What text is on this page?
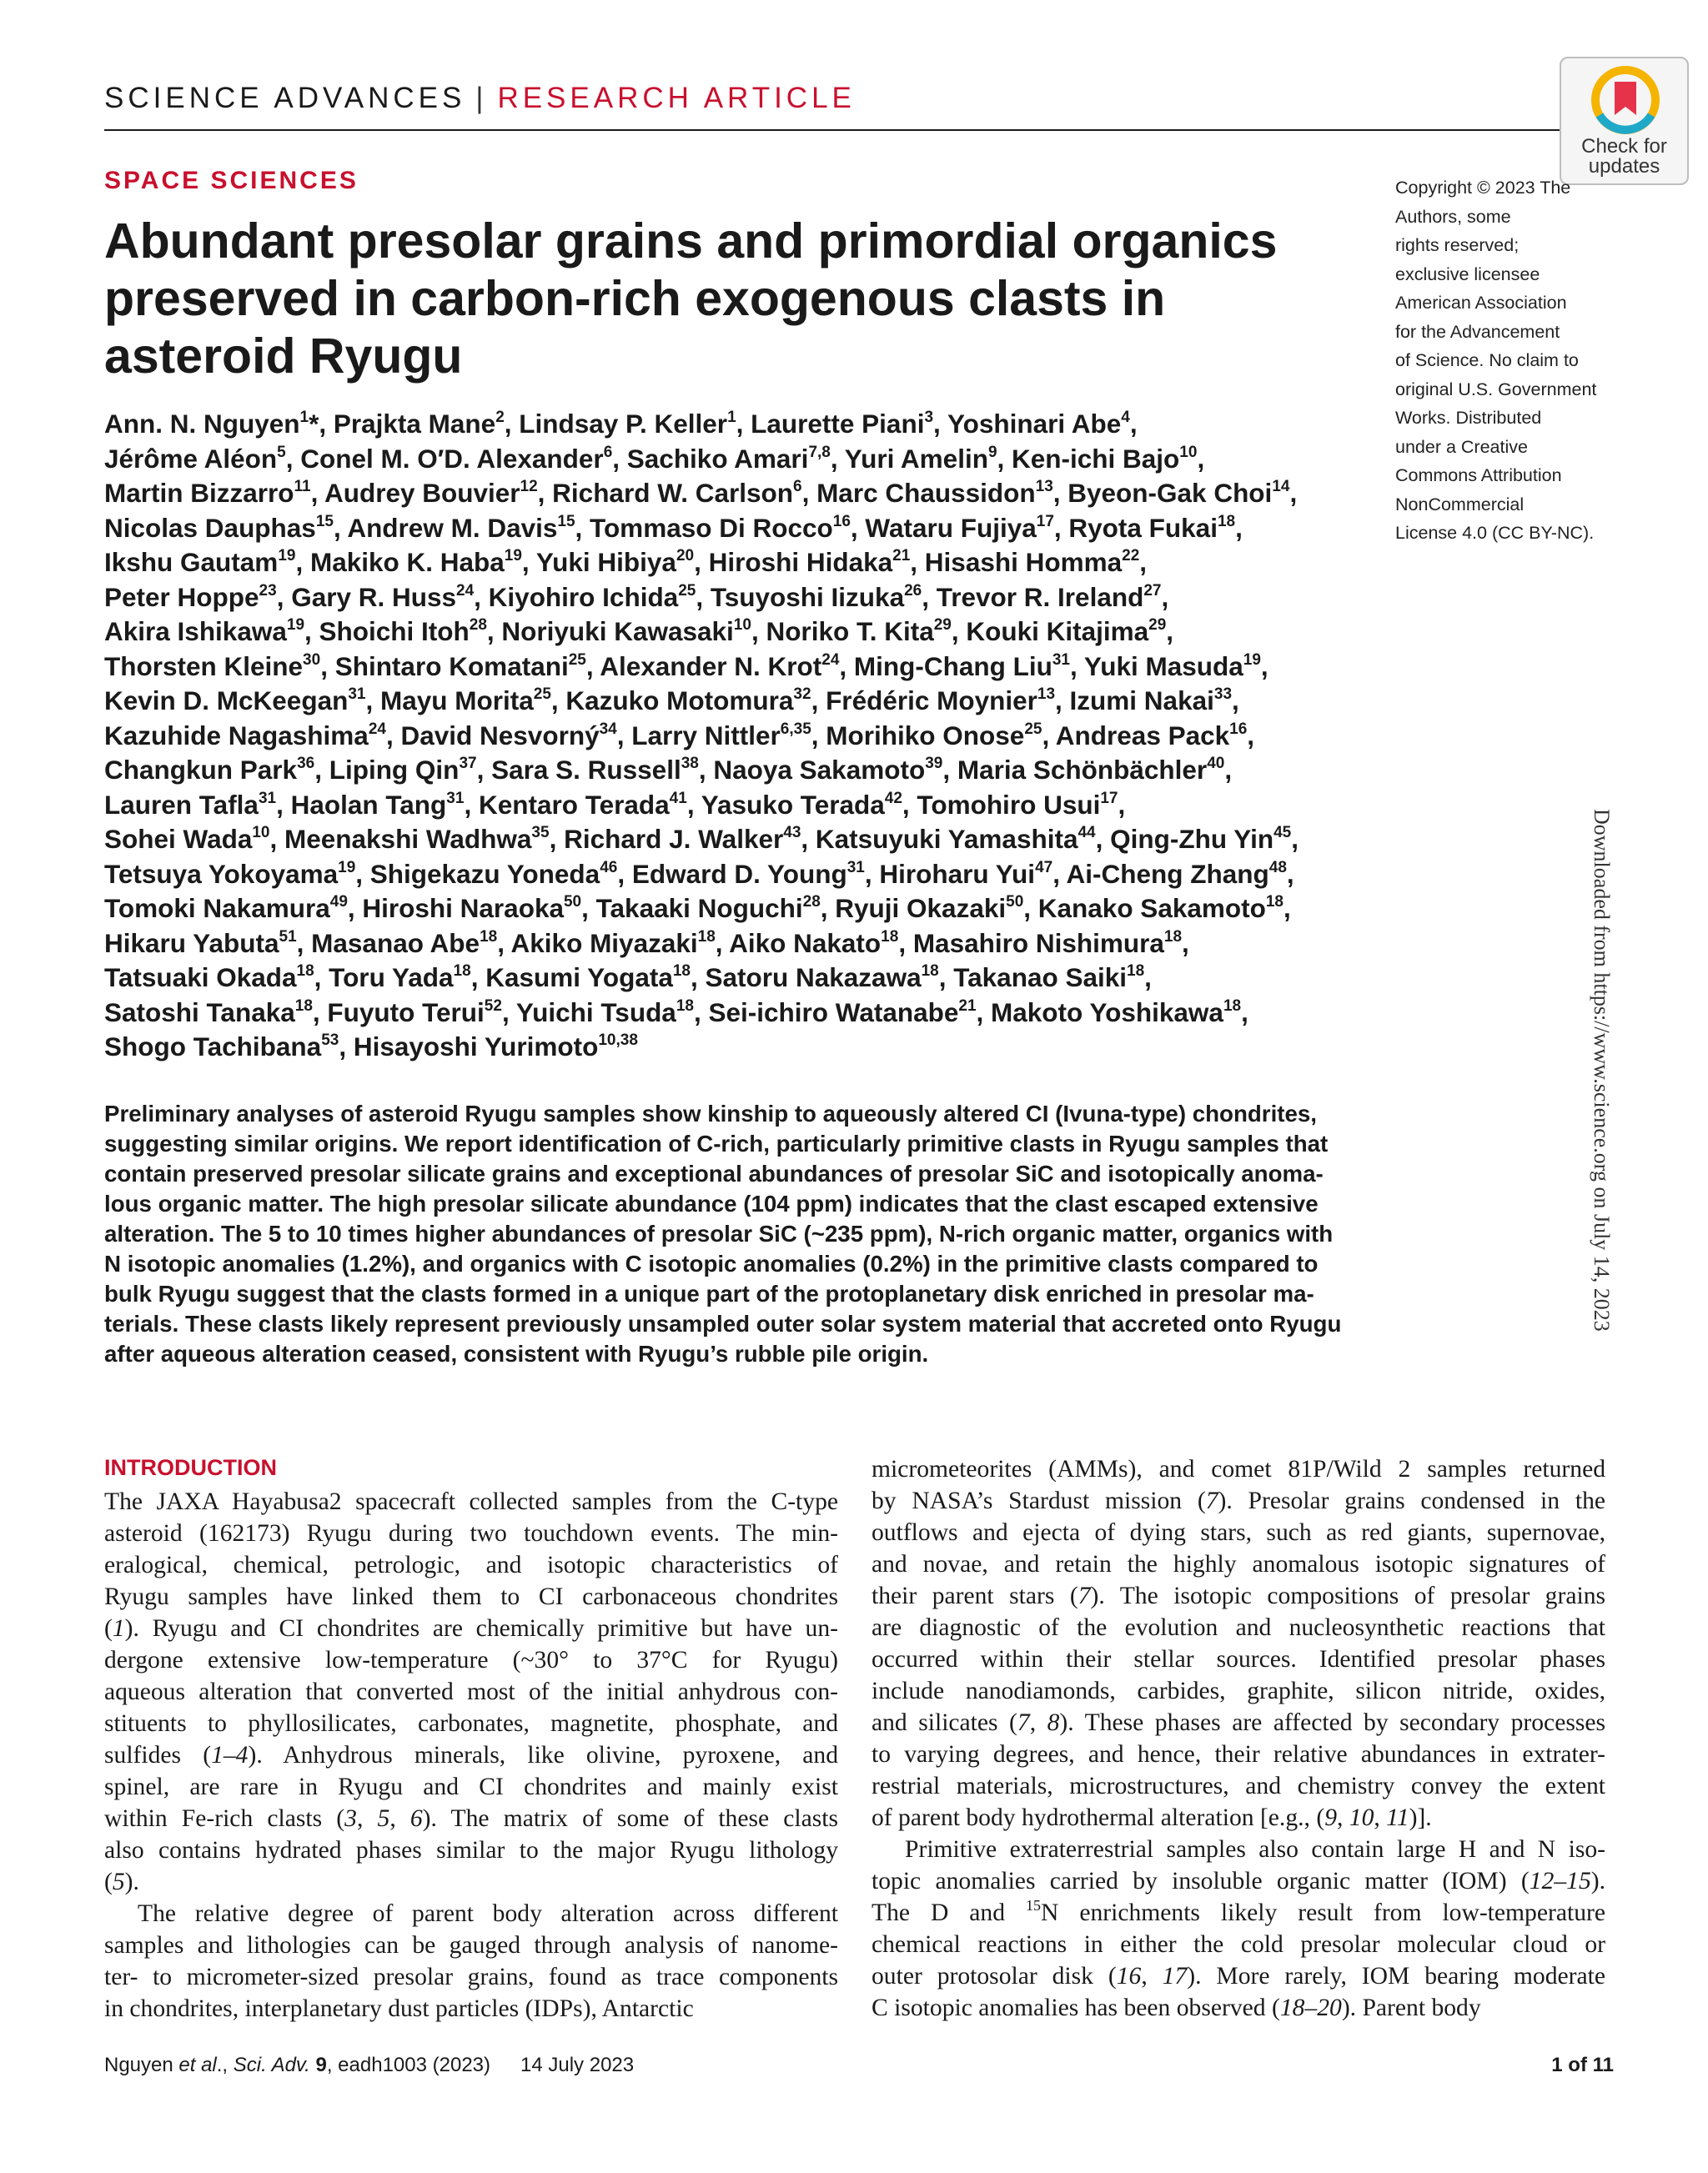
SCIENCE ADVANCES | RESEARCH ARTICLE
Check for
updates
SPACE SCIENCES
Abundant presolar grains and primordial organics preserved in carbon-rich exogenous clasts in asteroid Ryugu
Copyright © 2023 The
Authors, some
rights reserved;
exclusive licensee
American Association
for the Advancement
of Science. No claim to
original U.S. Government
Works. Distributed
under a Creative
Commons Attribution
NonCommercial
License 4.0 (CC BY-NC).
Ann. N. Nguyen$^1$*, Prajkta Mane$^2$, Lindsay P. Keller$^1$, Laurette Piani$^3$, Yoshinari Abe$^4$,
Jérôme Aléon$^5$, Conel M. O′D. Alexander$^6$, Sachiko Amari$^{7,8}$, Yuri Amelin$^9$, Ken-ichi Bajo$^{10}$,
Martin Bizzarro$^{11}$, Audrey Bouvier$^{12}$, Richard W. Carlson$^6$, Marc Chaussidon$^{13}$, Byeon-Gak Choi$^{14}$,
Nicolas Dauphas$^{15}$, Andrew M. Davis$^{15}$, Tommaso Di Rocco$^{16}$, Wataru Fujiya$^{17}$, Ryota Fukai$^{18}$,
Ikshu Gautam$^{19}$, Makiko K. Haba$^{19}$, Yuki Hibiya$^{20}$, Hiroshi Hidaka$^{21}$, Hisashi Homma$^{22}$,
Peter Hoppe$^{23}$, Gary R. Huss$^{24}$, Kiyohiro Ichida$^{25}$, Tsuyoshi Iizuka$^{26}$, Trevor R. Ireland$^{27}$,
Akira Ishikawa$^{19}$, Shoichi Itoh$^{28}$, Noriyuki Kawasaki$^{10}$, Noriko T. Kita$^{29}$, Kouki Kitajima$^{29}$,
Thorsten Kleine$^{30}$, Shintaro Komatani$^{25}$, Alexander N. Krot$^{24}$, Ming-Chang Liu$^{31}$, Yuki Masuda$^{19}$,
Kevin D. McKeegan$^{31}$, Mayu Morita$^{25}$, Kazuko Motomura$^{32}$, Frédéric Moynier$^{13}$, Izumi Nakai$^{33}$,
Kazuhide Nagashima$^{24}$, David Nesvorný$^{34}$, Larry Nittler$^{6,35}$, Morihiko Onose$^{25}$, Andreas Pack$^{16}$,
Changkun Park$^{36}$, Liping Qin$^{37}$, Sara S. Russell$^{38}$, Naoya Sakamoto$^{39}$, Maria Schönbächler$^{40}$,
Lauren Tafla$^{31}$, Haolan Tang$^{31}$, Kentaro Terada$^{41}$, Yasuko Terada$^{42}$, Tomohiro Usui$^{17}$,
Sohei Wada$^{10}$, Meenakshi Wadhwa$^{35}$, Richard J. Walker$^{43}$, Katsuyuki Yamashita$^{44}$, Qing-Zhu Yin$^{45}$,
Tetsuya Yokoyama$^{19}$, Shigekazu Yoneda$^{46}$, Edward D. Young$^{31}$, Hiroharu Yui$^{47}$, Ai-Cheng Zhang$^{48}$,
Tomoki Nakamura$^{49}$, Hiroshi Naraoka$^{50}$, Takaaki Noguchi$^{28}$, Ryuji Okazaki$^{50}$, Kanako Sakamoto$^{18}$,
Hikaru Yabuta$^{51}$, Masanao Abe$^{18}$, Akiko Miyazaki$^{18}$, Aiko Nakato$^{18}$, Masahiro Nishimura$^{18}$,
Tatsuaki Okada$^{18}$, Toru Yada$^{18}$, Kasumi Yogata$^{18}$, Satoru Nakazawa$^{18}$, Takanao Saiki$^{18}$,
Satoshi Tanaka$^{18}$, Fuyuto Terui$^{52}$, Yuichi Tsuda$^{18}$, Sei-ichiro Watanabe$^{21}$, Makoto Yoshikawa$^{18}$,
Shogo Tachibana$^{53}$, Hisayoshi Yurimoto$^{10,38}$
Preliminary analyses of asteroid Ryugu samples show kinship to aqueously altered CI (Ivuna-type) chondrites,
suggesting similar origins. We report identification of C-rich, particularly primitive clasts in Ryugu samples that
contain preserved presolar silicate grains and exceptional abundances of presolar SiC and isotopically anoma-
lous organic matter. The high presolar silicate abundance (104 ppm) indicates that the clast escaped extensive
alteration. The 5 to 10 times higher abundances of presolar SiC (~235 ppm), N-rich organic matter, organics with
N isotopic anomalies (1.2%), and organics with C isotopic anomalies (0.2%) in the primitive clasts compared to
bulk Ryugu suggest that the clasts formed in a unique part of the protoplanetary disk enriched in presolar ma-
terials. These clasts likely represent previously unsampled outer solar system material that accreted onto Ryugu
after aqueous alteration ceased, consistent with Ryugu’s rubble pile origin.
Downloaded from https://www.science.org on July 14, 2023
INTRODUCTION
The JAXA Hayabusa2 spacecraft collected samples from the C-type
asteroid (162173) Ryugu during two touchdown events. The min-
eralogical, chemical, petrologic, and isotopic characteristics of
Ryugu samples have linked them to CI carbonaceous chondrites
(1). Ryugu and CI chondrites are chemically primitive but have un-
dergone extensive low-temperature (~30° to 37°C for Ryugu)
aqueous alteration that converted most of the initial anhydrous con-
stituents to phyllosilicates, carbonates, magnetite, phosphate, and
sulfides (1–4). Anhydrous minerals, like olivine, pyroxene, and
spinel, are rare in Ryugu and CI chondrites and mainly exist
within Fe-rich clasts (3, 5, 6). The matrix of some of these clasts
also contains hydrated phases similar to the major Ryugu lithology
(5).
The relative degree of parent body alteration across different
samples and lithologies can be gauged through analysis of nanome-
ter- to micrometer-sized presolar grains, found as trace components
in chondrites, interplanetary dust particles (IDPs), Antarctic
micrometeorites (AMMs), and comet 81P/Wild 2 samples returned
by NASA’s Stardust mission (7). Presolar grains condensed in the
outflows and ejecta of dying stars, such as red giants, supernovae,
and novae, and retain the highly anomalous isotopic signatures of
their parent stars (7). The isotopic compositions of presolar grains
are diagnostic of the evolution and nucleosynthetic reactions that
occurred within their stellar sources. Identified presolar phases
include nanodiamonds, carbides, graphite, silicon nitride, oxides,
and silicates (7, 8). These phases are affected by secondary processes
to varying degrees, and hence, their relative abundances in extrater-
restrial materials, microstructures, and chemistry convey the extent
of parent body hydrothermal alteration [e.g., (9, 10, 11)].
Primitive extraterrestrial samples also contain large H and N iso-
topic anomalies carried by insoluble organic matter (IOM) (12–15).
The D and $^{15}$N enrichments likely result from low-temperature
chemical reactions in either the cold presolar molecular cloud or
outer protosolar disk (16, 17). More rarely, IOM bearing moderate
C isotopic anomalies has been observed (18–20). Parent body
Nguyen et al., Sci. Adv. 9, eadh1003 (2023) 14 July 2023	1 of 11
